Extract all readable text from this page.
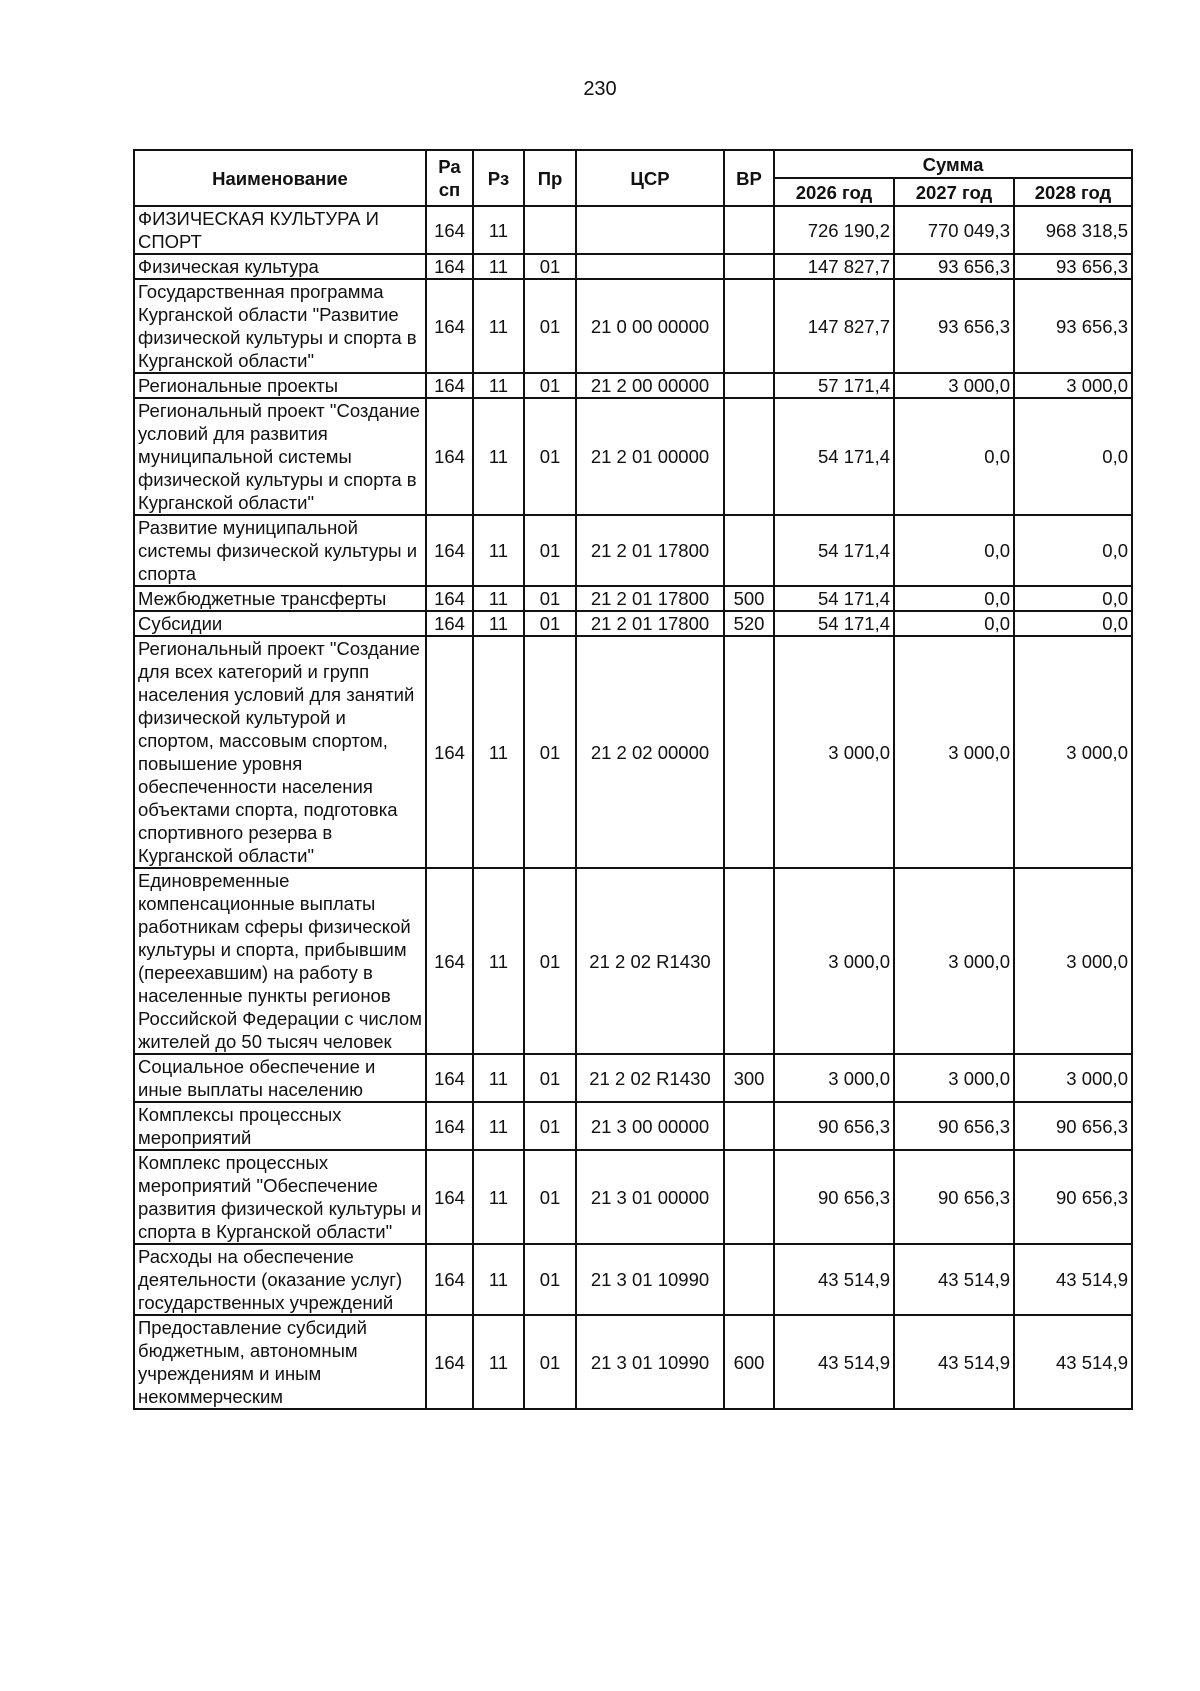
230
Наименование	Ра сп	Рз	Пр	ЦСР	ВР	Сумма		
						2026 год	2027 год	2028 год
ФИЗИЧЕСКАЯ КУЛЬТУРА И СПОРТ	164	11				726 190,2	770 049,3	968 318,5
Физическая культура	164	11	01			147 827,7	93 656,3	93 656,3
Государственная программа Курганской области "Развитие физической культуры и спорта в Курганской области"	164	11	01	21 0 00 00000		147 827,7	93 656,3	93 656,3
Региональные проекты	164	11	01	21 2 00 00000		57 171,4	3 000,0	3 000,0
Региональный проект "Создание условий для развития муниципальной системы физической культуры и спорта в Курганской области"	164	11	01	21 2 01 00000		54 171,4	0,0	0,0
Развитие муниципальной системы физической культуры и спорта	164	11	01	21 2 01 17800		54 171,4	0,0	0,0
Межбюджетные трансферты	164	11	01	21 2 01 17800	500	54 171,4	0,0	0,0
Субсидии	164	11	01	21 2 01 17800	520	54 171,4	0,0	0,0
Региональный проект "Создание для всех категорий и групп населения условий для занятий физической культурой и спортом, массовым спортом, повышение уровня обеспеченности населения объектами спорта, подготовка спортивного резерва в Курганской области"	164	11	01	21 2 02 00000		3 000,0	3 000,0	3 000,0
Единовременные компенсационные выплаты работникам сферы физической культуры и спорта, прибывшим (переехавшим) на работу в населенные пункты регионов Российской Федерации с числом жителей до 50 тысяч человек	164	11	01	21 2 02 R1430		3 000,0	3 000,0	3 000,0
Социальное обеспечение и иные выплаты населению	164	11	01	21 2 02 R1430	300	3 000,0	3 000,0	3 000,0
Комплексы процессных мероприятий	164	11	01	21 3 00 00000		90 656,3	90 656,3	90 656,3
Комплекс процессных мероприятий "Обеспечение развития физической культуры и спорта в Курганской области"	164	11	01	21 3 01 00000		90 656,3	90 656,3	90 656,3
Расходы на обеспечение деятельности (оказание услуг) государственных учреждений	164	11	01	21 3 01 10990		43 514,9	43 514,9	43 514,9
Предоставление субсидий бюджетным, автономным учреждениям и иным некоммерческим	164	11	01	21 3 01 10990	600	43 514,9	43 514,9	43 514,9
